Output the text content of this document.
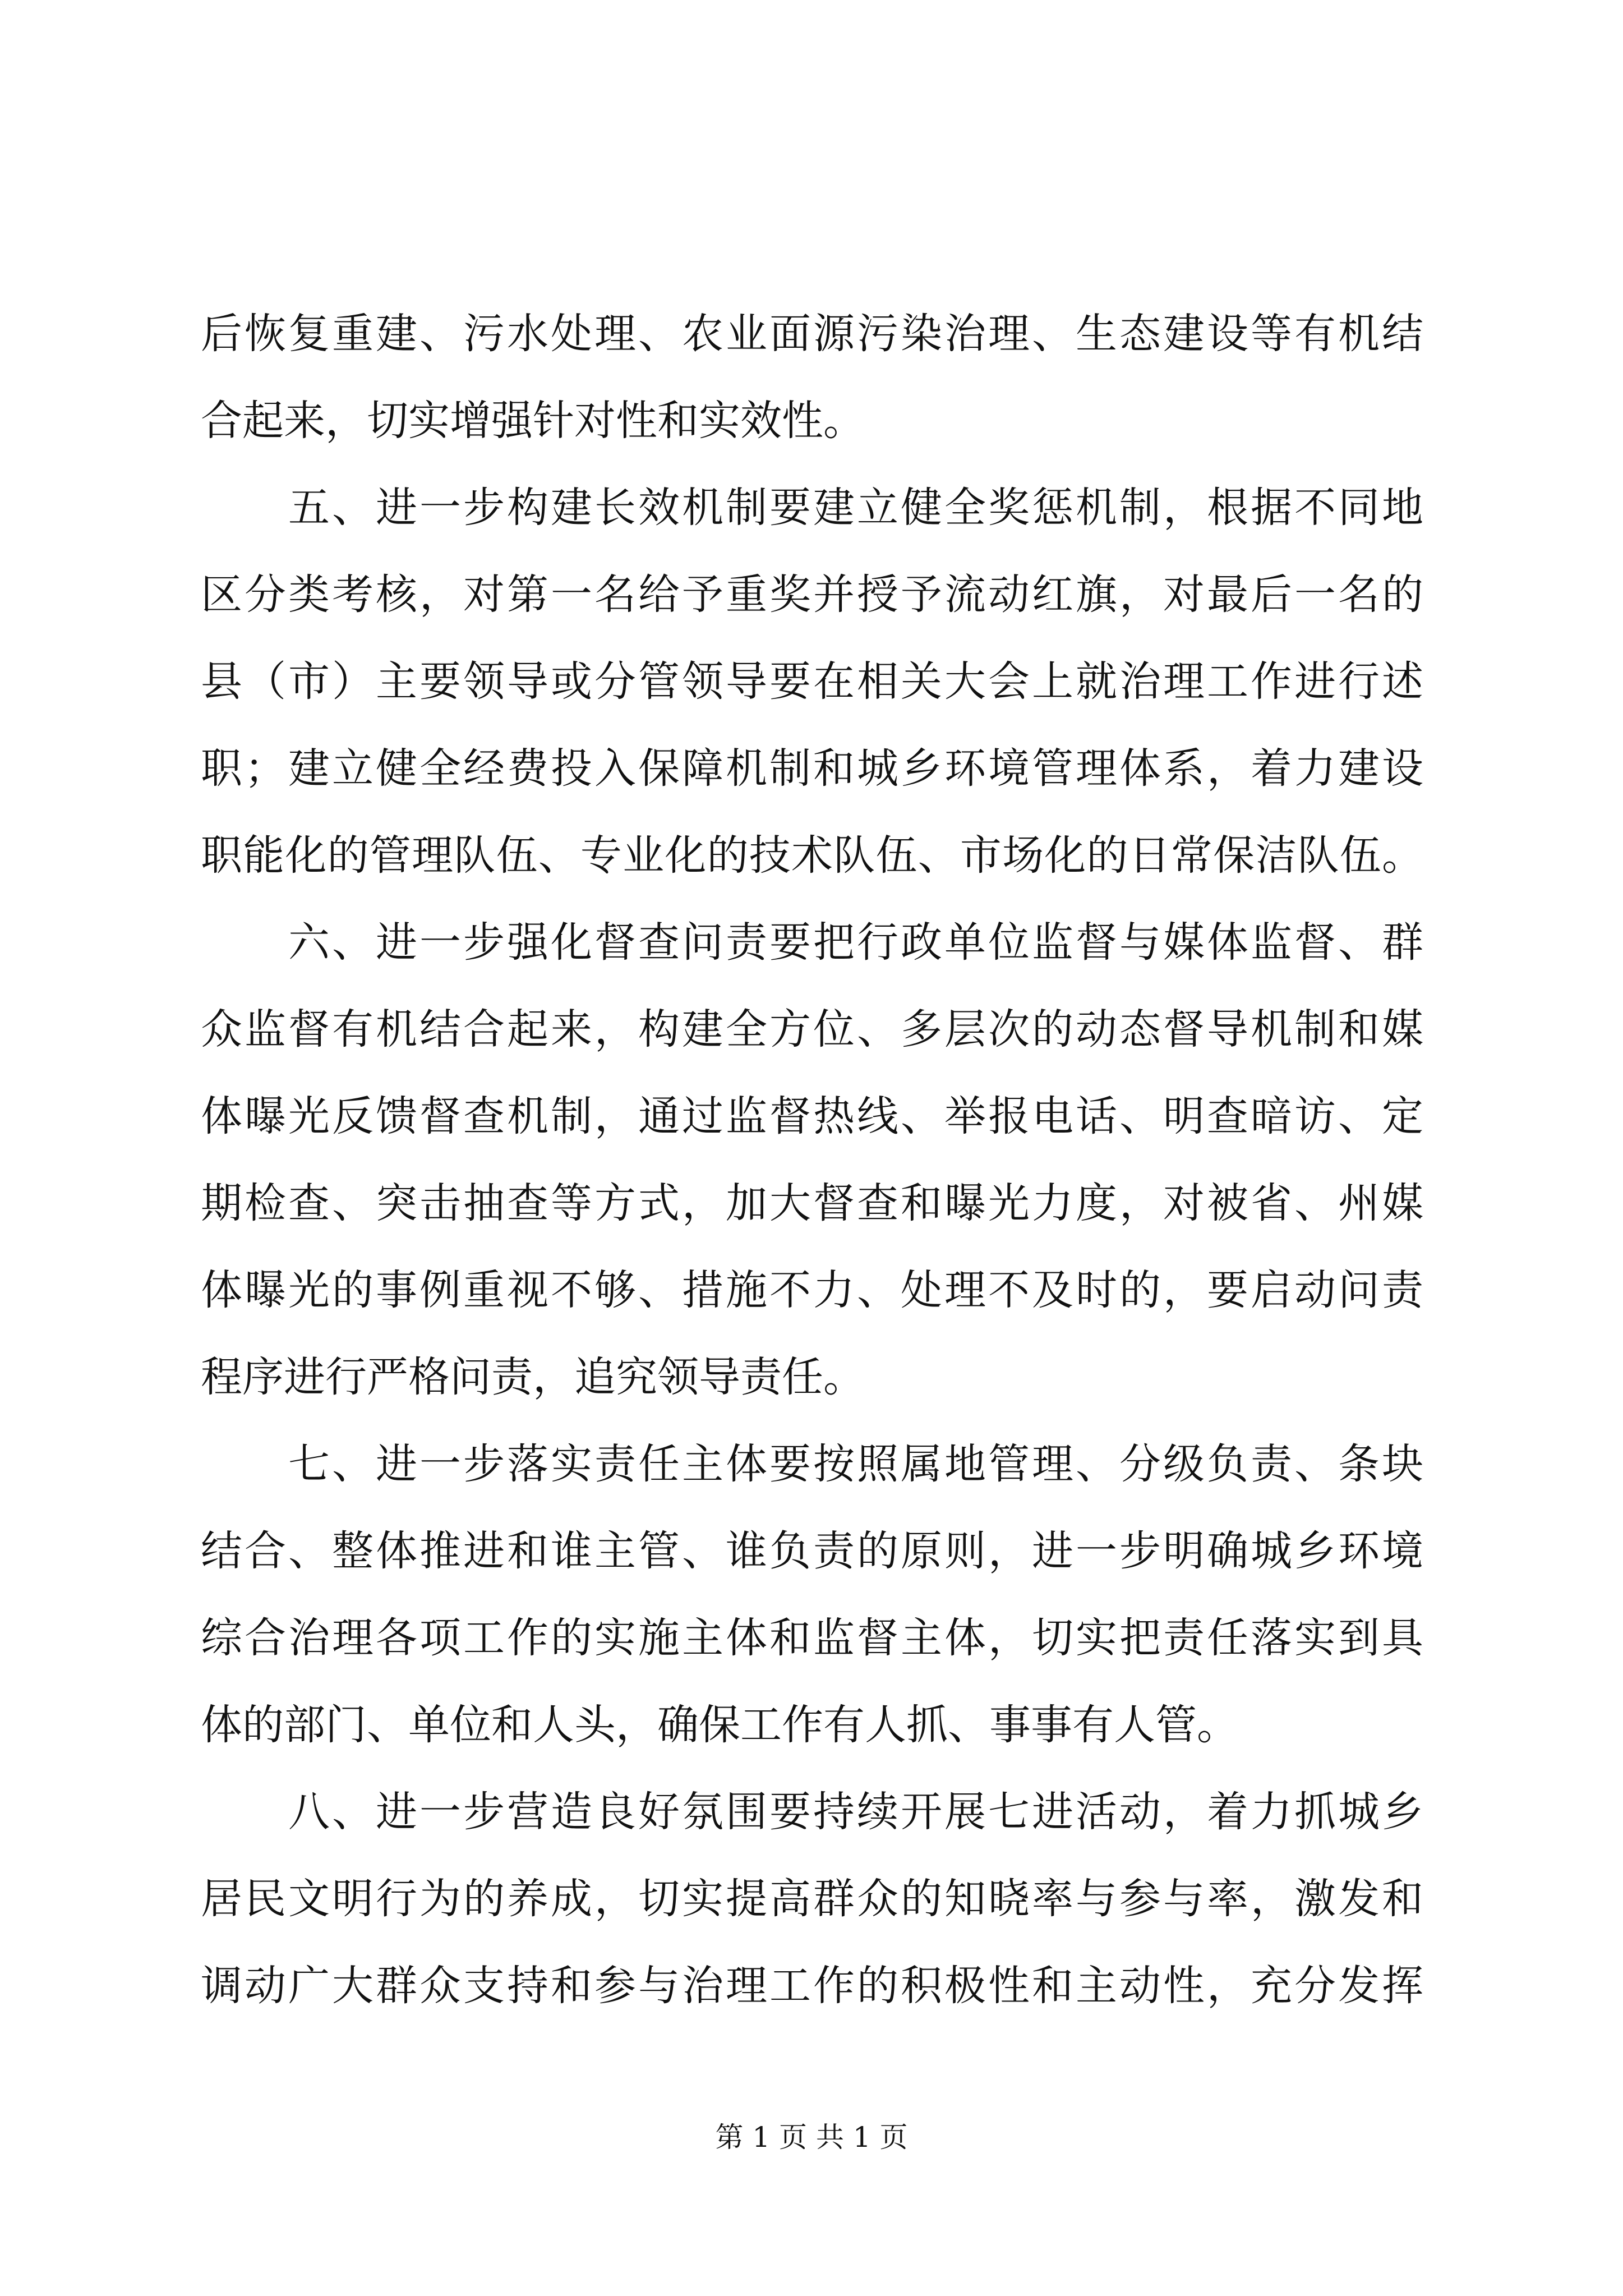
后恢复重建、污水处理、农业面源污染治理、生态建设等有机结
合起来，切实增强针对性和实效性。
　　五、进一步构建长效机制要建立健全奖惩机制，根据不同地
区分类考核，对第一名给予重奖并授予流动红旗，对最后一名的
县（市）主要领导或分管领导要在相关大会上就治理工作进行述
职；建立健全经费投入保障机制和城乡环境管理体系，着力建设
职能化的管理队伍、专业化的技术队伍、市场化的日常保洁队伍。
　　六、进一步强化督查问责要把行政单位监督与媒体监督、群
众监督有机结合起来，构建全方位、多层次的动态督导机制和媒
体曝光反馈督查机制，通过监督热线、举报电话、明查暗访、定
期检查、突击抽查等方式，加大督查和曝光力度，对被省、州媒
体曝光的事例重视不够、措施不力、处理不及时的，要启动问责
程序进行严格问责，追究领导责任。
　　七、进一步落实责任主体要按照属地管理、分级负责、条块
结合、整体推进和谁主管、谁负责的原则，进一步明确城乡环境
综合治理各项工作的实施主体和监督主体，切实把责任落实到具
体的部门、单位和人头，确保工作有人抓、事事有人管。
　　八、进一步营造良好氛围要持续开展七进活动，着力抓城乡
居民文明行为的养成，切实提高群众的知晓率与参与率，激发和
调动广大群众支持和参与治理工作的积极性和主动性，充分发挥
第 1 页 共 1 页
